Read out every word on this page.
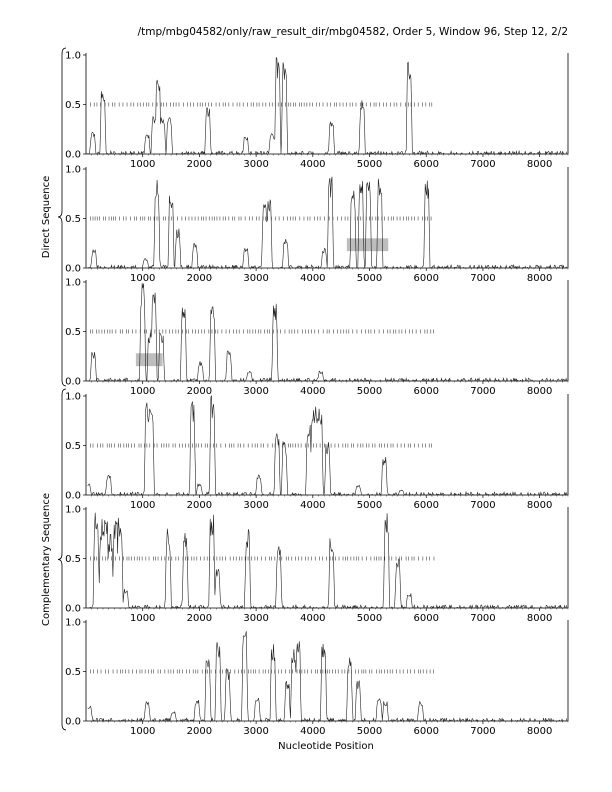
/tmp/mbg04582/only/raw_result_dir/mbg04582, Order 5, Window 96, Step 12, 2/2
0.0
0.5
1.0
1000	2000	3000	4000	5000	6000	7000	8000
0.0
0.5
1.0
1000	2000	3000	4000	5000	6000	7000	8000
0.0
0.5
1.0
1000	2000	3000	4000	5000	6000	7000	8000
0.0
0.5
1.0
1000	2000	3000	4000	5000	6000	7000	8000
0.0
0.5
1.0
1000	2000	3000	4000	5000	6000	7000	8000
0.0
0.5
1.0
1000	2000	3000	4000	5000	6000	7000	8000
Direct Sequence
Complementary Sequence
Nucleotide Position
